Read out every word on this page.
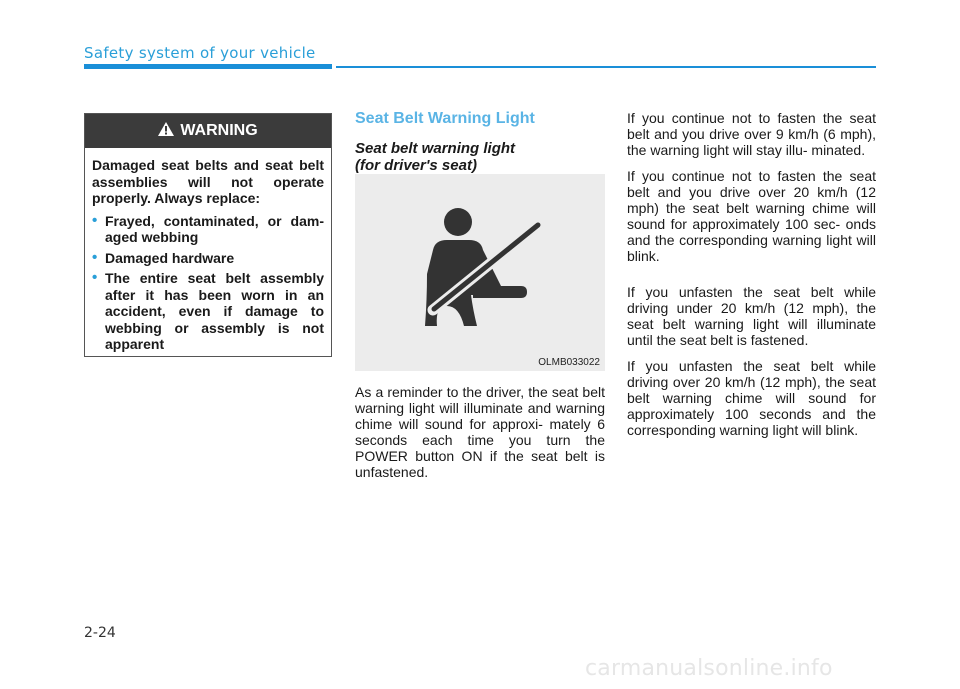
Safety system of your vehicle
WARNING

Damaged seat belts and seat belt assemblies will not operate properly. Always replace:

• Frayed, contaminated, or dam- aged webbing
• Damaged hardware
• The entire seat belt assembly after it has been worn in an accident, even if damage to webbing or assembly is not apparent
Seat Belt Warning Light
Seat belt warning light
(for driver's seat)
OLMB033022

As a reminder to the driver, the seat belt warning light will illuminate and warning chime will sound for approxi- mately 6 seconds each time you turn the POWER button ON if the seat belt is unfastened.

If you continue not to fasten the seat belt and you drive over 9 km/h (6 mph), the warning light will stay illu- minated.

If you continue not to fasten the seat belt and you drive over 20 km/h (12 mph) the seat belt warning chime will sound for approximately 100 sec- onds and the corresponding warning light will blink.

If you unfasten the seat belt while driving under 20 km/h (12 mph), the seat belt warning light will illuminate until the seat belt is fastened.

If you unfasten the seat belt while driving over 20 km/h (12 mph), the seat belt warning chime will sound for approximately 100 seconds and the corresponding warning light will blink.

2-24
carmanualsonline.info
